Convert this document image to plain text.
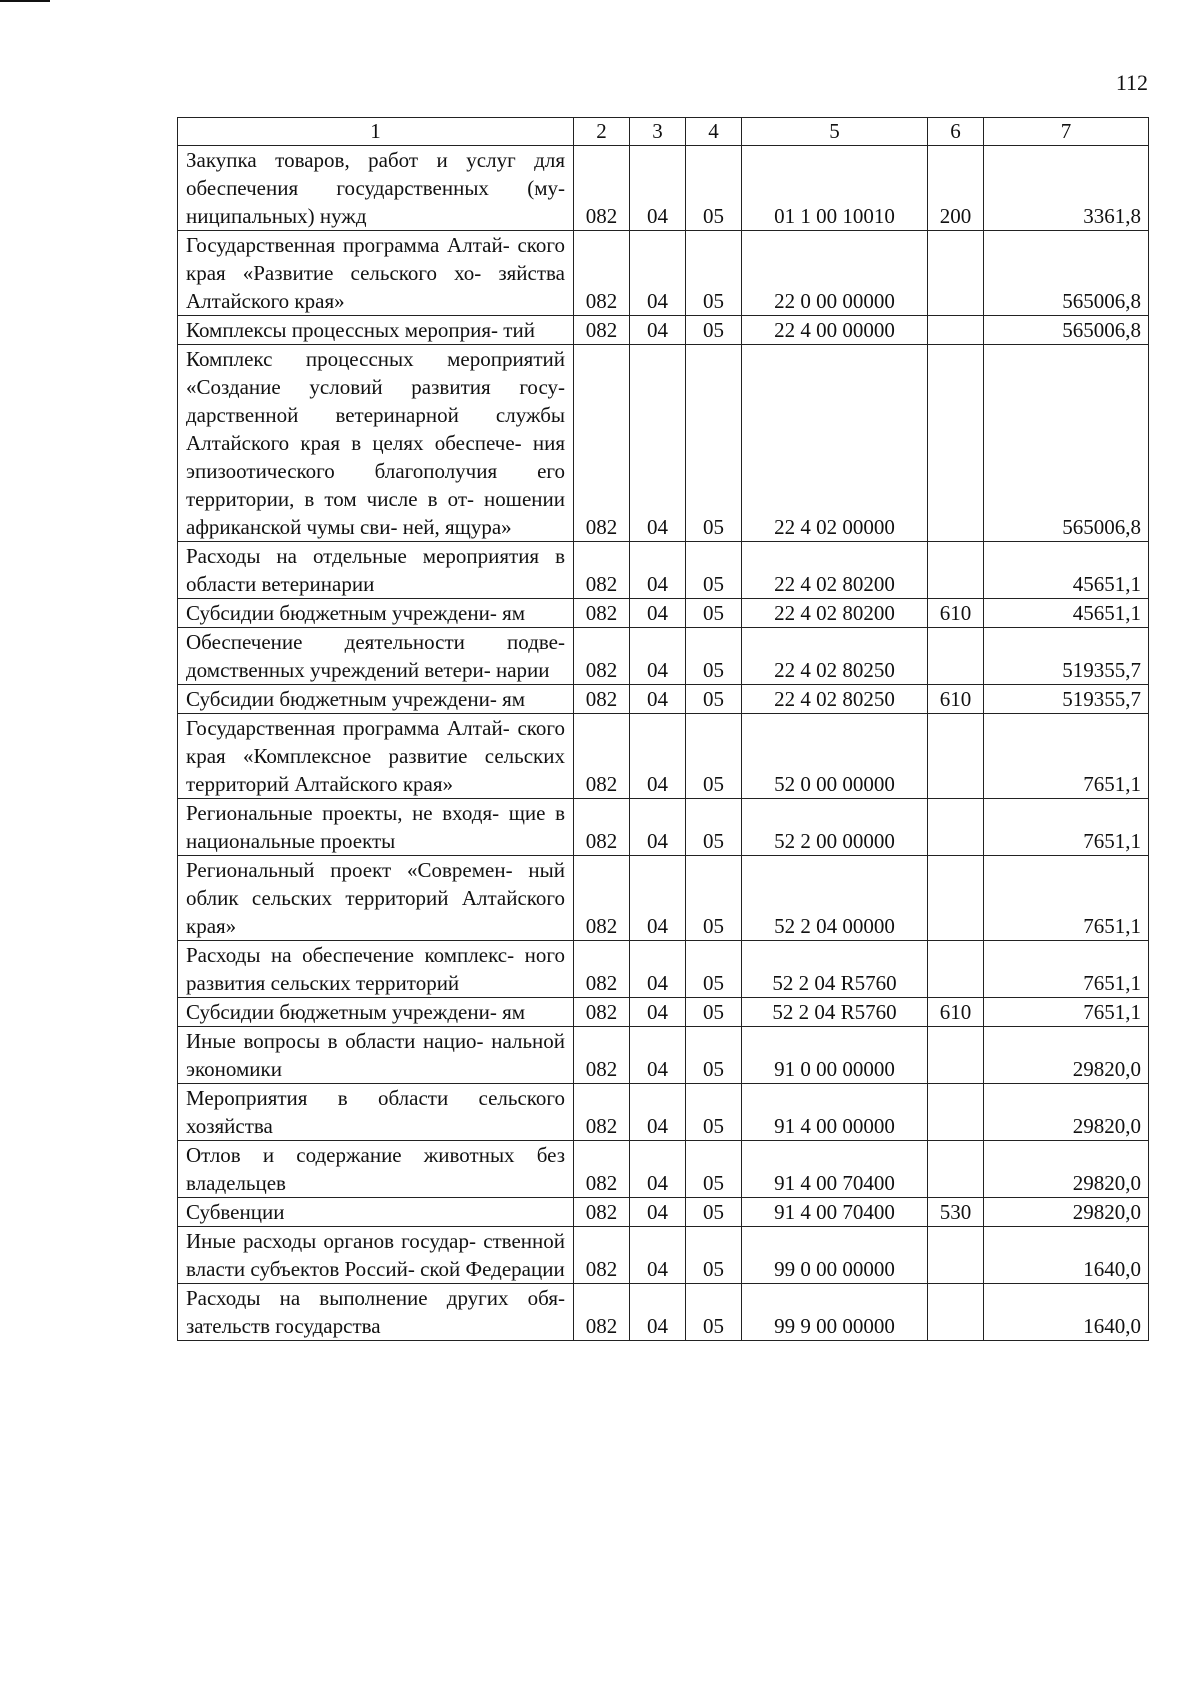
112
1	2	3	4	5	6	7
Закупка товаров, работ и услуг для обеспечения государственных (му- ниципальных) нужд	082	04	05	01 1 00 10010	200	3361,8
Государственная программа Алтай- ского края «Развитие сельского хо- зяйства Алтайского края»	082	04	05	22 0 00 00000		565006,8
Комплексы процессных мероприя- тий	082	04	05	22 4 00 00000		565006,8
Комплекс процессных мероприятий «Создание условий развития госу- дарственной ветеринарной службы Алтайского края в целях обеспече- ния эпизоотического благополучия его территории, в том числе в от- ношении африканской чумы сви- ней, ящура»	082	04	05	22 4 02 00000		565006,8
Расходы на отдельные мероприятия в области ветеринарии	082	04	05	22 4 02 80200		45651,1
Субсидии бюджетным учреждени- ям	082	04	05	22 4 02 80200	610	45651,1
Обеспечение деятельности подве- домственных учреждений ветери- нарии	082	04	05	22 4 02 80250		519355,7
Субсидии бюджетным учреждени- ям	082	04	05	22 4 02 80250	610	519355,7
Государственная программа Алтай- ского края «Комплексное развитие сельских территорий Алтайского края»	082	04	05	52 0 00 00000		7651,1
Региональные проекты, не входя- щие в национальные проекты	082	04	05	52 2 00 00000		7651,1
Региональный проект «Современ- ный облик сельских территорий Алтайского края»	082	04	05	52 2 04 00000		7651,1
Расходы на обеспечение комплекс- ного развития сельских территорий	082	04	05	52 2 04 R5760		7651,1
Субсидии бюджетным учреждени- ям	082	04	05	52 2 04 R5760	610	7651,1
Иные вопросы в области нацио- нальной экономики	082	04	05	91 0 00 00000		29820,0
Мероприятия в области сельского хозяйства	082	04	05	91 4 00 00000		29820,0
Отлов и содержание животных без владельцев	082	04	05	91 4 00 70400		29820,0
Субвенции	082	04	05	91 4 00 70400	530	29820,0
Иные расходы органов государ- ственной власти субъектов Россий- ской Федерации	082	04	05	99 0 00 00000		1640,0
Расходы на выполнение других обя- зательств государства	082	04	05	99 9 00 00000		1640,0
